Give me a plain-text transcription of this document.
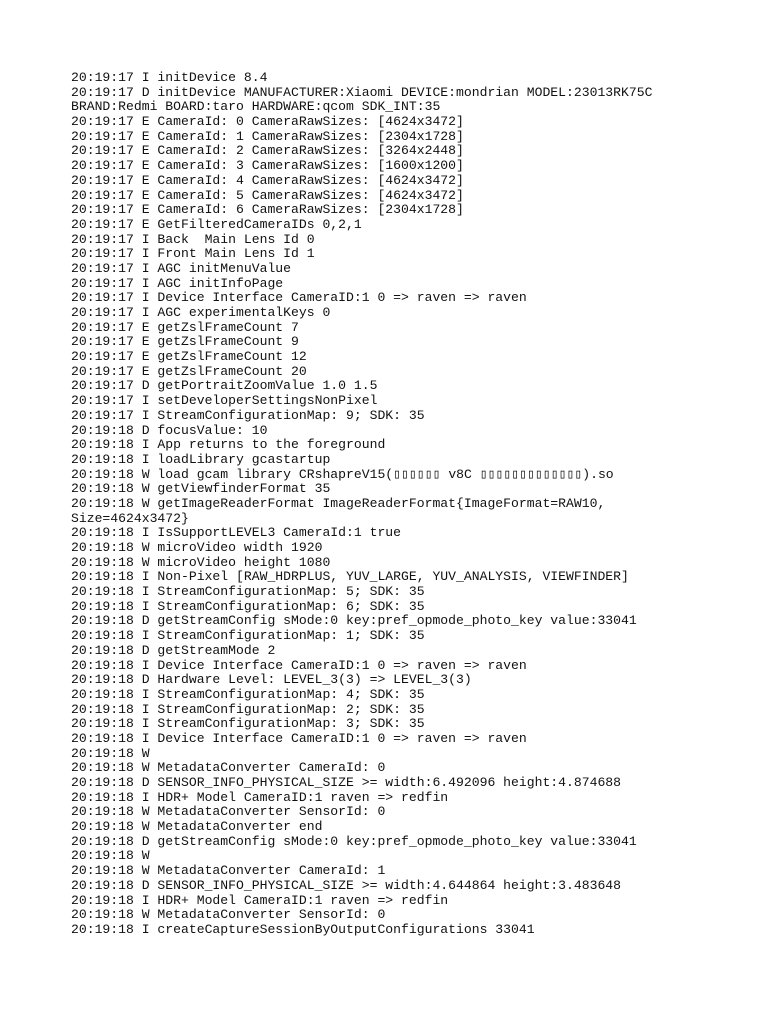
20:19:17 I initDevice 8.4
20:19:17 D initDevice MANUFACTURER:Xiaomi DEVICE:mondrian MODEL:23013RK75C
BRAND:Redmi BOARD:taro HARDWARE:qcom SDK_INT:35
20:19:17 E CameraId: 0 CameraRawSizes: [4624x3472]
20:19:17 E CameraId: 1 CameraRawSizes: [2304x1728]
20:19:17 E CameraId: 2 CameraRawSizes: [3264x2448]
20:19:17 E CameraId: 3 CameraRawSizes: [1600x1200]
20:19:17 E CameraId: 4 CameraRawSizes: [4624x3472]
20:19:17 E CameraId: 5 CameraRawSizes: [4624x3472]
20:19:17 E CameraId: 6 CameraRawSizes: [2304x1728]
20:19:17 E GetFilteredCameraIDs 0,2,1
20:19:17 I Back  Main Lens Id 0
20:19:17 I Front Main Lens Id 1
20:19:17 I AGC initMenuValue
20:19:17 I AGC initInfoPage
20:19:17 I Device Interface CameraID:1 0 => raven => raven
20:19:17 I AGC experimentalKeys 0
20:19:17 E getZslFrameCount 7
20:19:17 E getZslFrameCount 9
20:19:17 E getZslFrameCount 12
20:19:17 E getZslFrameCount 20
20:19:17 D getPortraitZoomValue 1.0 1.5
20:19:17 I setDeveloperSettingsNonPixel
20:19:17 I StreamConfigurationMap: 9; SDK: 35
20:19:18 D focusValue: 10
20:19:18 I App returns to the foreground
20:19:18 I loadLibrary gcastartup
20:19:18 W load gcam library CRshapreV15(▯▯▯▯▯▯ v8C ▯▯▯▯▯▯▯▯▯▯▯▯▯).so
20:19:18 W getViewfinderFormat 35
20:19:18 W getImageReaderFormat ImageReaderFormat{ImageFormat=RAW10,
Size=4624x3472}
20:19:18 I IsSupportLEVEL3 CameraId:1 true
20:19:18 W microVideo width 1920
20:19:18 W microVideo height 1080
20:19:18 I Non-Pixel [RAW_HDRPLUS, YUV_LARGE, YUV_ANALYSIS, VIEWFINDER]
20:19:18 I StreamConfigurationMap: 5; SDK: 35
20:19:18 I StreamConfigurationMap: 6; SDK: 35
20:19:18 D getStreamConfig sMode:0 key:pref_opmode_photo_key value:33041
20:19:18 I StreamConfigurationMap: 1; SDK: 35
20:19:18 D getStreamMode 2
20:19:18 I Device Interface CameraID:1 0 => raven => raven
20:19:18 D Hardware Level: LEVEL_3(3) => LEVEL_3(3)
20:19:18 I StreamConfigurationMap: 4; SDK: 35
20:19:18 I StreamConfigurationMap: 2; SDK: 35
20:19:18 I StreamConfigurationMap: 3; SDK: 35
20:19:18 I Device Interface CameraID:1 0 => raven => raven
20:19:18 W
20:19:18 W MetadataConverter CameraId: 0
20:19:18 D SENSOR_INFO_PHYSICAL_SIZE >= width:6.492096 height:4.874688
20:19:18 I HDR+ Model CameraID:1 raven => redfin
20:19:18 W MetadataConverter SensorId: 0
20:19:18 W MetadataConverter end
20:19:18 D getStreamConfig sMode:0 key:pref_opmode_photo_key value:33041
20:19:18 W
20:19:18 W MetadataConverter CameraId: 1
20:19:18 D SENSOR_INFO_PHYSICAL_SIZE >= width:4.644864 height:3.483648
20:19:18 I HDR+ Model CameraID:1 raven => redfin
20:19:18 W MetadataConverter SensorId: 0
20:19:18 I createCaptureSessionByOutputConfigurations 33041
